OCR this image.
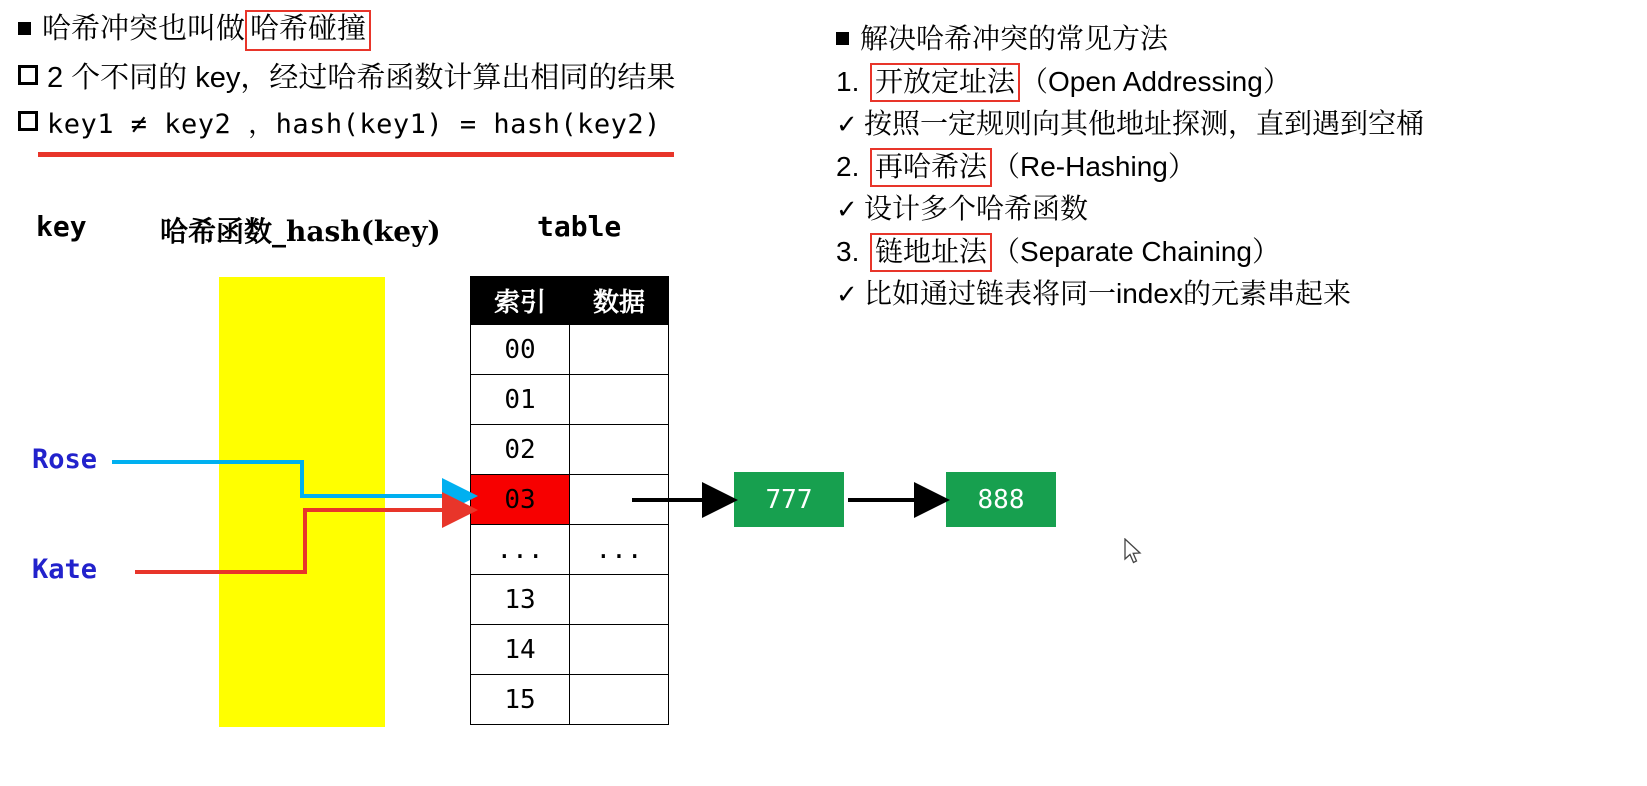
哈希冲突也叫做 哈希碰撞
2 个不同的 key，经过哈希函数计算出相同的结果
key1 ≠ key2 ，hash(key1) = hash(key2)
key	哈希函数_hash(key)	table
Rose
Kate
索引	数据
00	
01	
02	
03	
...	...
13	
14	
15	
777	888
解决哈希冲突的常见方法
1. 开放定址法 （Open Addressing）
✓ 按照一定规则向其他地址探测，直到遇到空桶
2. 再哈希法 （Re-Hashing）
✓ 设计多个哈希函数
3. 链地址法 （Separate Chaining）
✓ 比如通过链表将同一index的元素串起来
